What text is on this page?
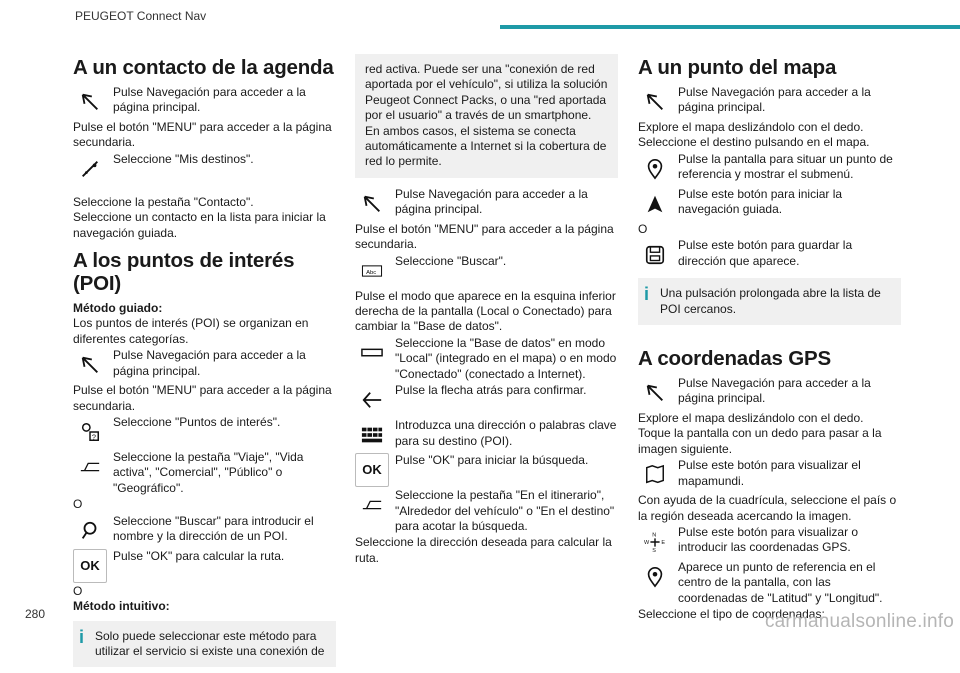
PEUGEOT Connect Nav
A un contacto de la agenda

Pulse Navegación para acceder a la página principal.

Pulse el botón "MENU" para acceder a la página secundaria.

Seleccione "Mis destinos".

Seleccione la pestaña "Contacto".

Seleccione un contacto en la lista para iniciar la navegación guiada.

A los puntos de interés (POI)

Método guiado:

Los puntos de interés (POI) se organizan en diferentes categorías.

Pulse Navegación para acceder a la página principal.

Pulse el botón "MENU" para acceder a la página secundaria.

?

Seleccione "Puntos de interés".

Seleccione la pestaña "Viaje", "Vida activa", "Comercial", "Público" o "Geográfico".

O

Seleccione "Buscar" para introducir el nombre y la dirección de un POI.

OK

Pulse "OK" para calcular la ruta.

O

Método intuitivo:

i Solo puede seleccionar este método para utilizar el servicio si existe una conexión de

red activa. Puede ser una "conexión de red aportada por el vehículo", si utiliza la solución Peugeot Connect Packs, o una "red aportada por el usuario" a través de un smartphone.

En ambos casos, el sistema se conecta automáticamente a Internet si la cobertura de red lo permite.

Pulse Navegación para acceder a la página principal.

Pulse el botón "MENU" para acceder a la página secundaria.

Abc

Seleccione "Buscar".

Pulse el modo que aparece en la esquina inferior derecha de la pantalla (Local o Conectado) para cambiar la "Base de datos".

Seleccione la "Base de datos" en modo "Local" (integrado en el mapa) o en modo "Conectado" (conectado a Internet).

Pulse la flecha atrás para confirmar.

Introduzca una dirección o palabras clave para su destino (POI).

OK

Pulse "OK" para iniciar la búsqueda.

Seleccione la pestaña "En el itinerario", "Alrededor del vehículo" o "En el destino" para acotar la búsqueda.

Seleccione la dirección deseada para calcular la ruta.

A un punto del mapa

Pulse Navegación para acceder a la página principal.

Explore el mapa deslizándolo con el dedo.

Seleccione el destino pulsando en el mapa.

Pulse la pantalla para situar un punto de referencia y mostrar el submenú.

Pulse este botón para iniciar la navegación guiada.

O

Pulse este botón para guardar la dirección que aparece.

i Una pulsación prolongada abre la lista de POI cercanos.

A coordenadas GPS

Pulse Navegación para acceder a la página principal.

Explore el mapa deslizándolo con el dedo.

Toque la pantalla con un dedo para pasar a la imagen siguiente.

Pulse este botón para visualizar el mapamundi.

Con ayuda de la cuadrícula, seleccione el país o la región deseada acercando la imagen.

N
S
W E

Pulse este botón para visualizar o introducir las coordenadas GPS.

Aparece un punto de referencia en el centro de la pantalla, con las coordenadas de "Latitud" y "Longitud".

Seleccione el tipo de coordenadas:

280	carmanualsonline.info
